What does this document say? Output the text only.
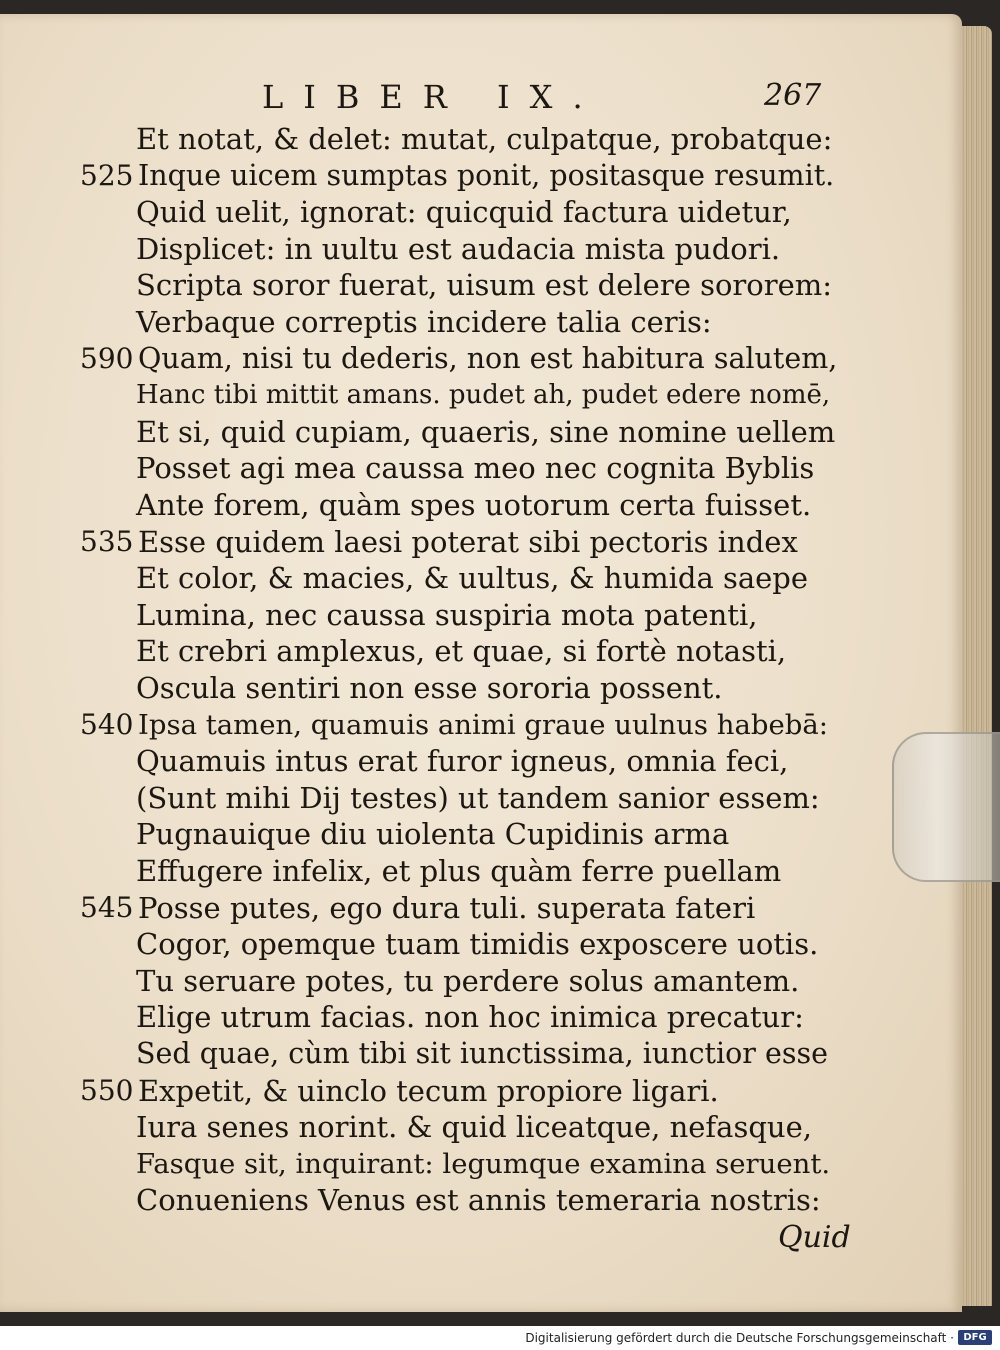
LIBER IX.	267
Et notat, & delet: mutat, culpatque, probatque:
525 Inque uicem sumptas ponit, positasque resumit.
Quid uelit, ignorat: quicquid factura uidetur,
Displicet: in uultu est audacia mista pudori.
Scripta soror fuerat, uisum est delere sororem:
Verbaque correptis incidere talia ceris:
590 Quam, nisi tu dederis, non est habitura salutem,
Hanc tibi mittit amans. pudet ah, pudet edere nomē,
Et si, quid cupiam, quaeris, sine nomine uellem
Posset agi mea caussa meo nec cognita Byblis
Ante forem, quàm spes uotorum certa fuisset.
535 Esse quidem laesi poterat sibi pectoris index
Et color, & macies, & uultus, & humida saepe
Lumina, nec caussa suspiria mota patenti,
Et crebri amplexus, et quae, si fortè notasti,
Oscula sentiri non esse sororia possent.
540 Ipsa tamen, quamuis animi graue uulnus habebā:
Quamuis intus erat furor igneus, omnia feci,
(Sunt mihi Dij testes) ut tandem sanior essem:
Pugnauique diu uiolenta Cupidinis arma
Effugere infelix, et plus quàm ferre puellam
545 Posse putes, ego dura tuli. superata fateri
Cogor, opemque tuam timidis exposcere uotis.
Tu seruare potes, tu perdere solus amantem.
Elige utrum facias. non hoc inimica precatur:
Sed quae, cùm tibi sit iunctissima, iunctior esse
550 Expetit, & uinclo tecum propiore ligari.
Iura senes norint. & quid liceatque, nefasque,
Fasque sit, inquirant: legumque examina seruent.
Conueniens Venus est annis temeraria nostris:
Quid
Digitalisierung gefördert durch die Deutsche Forschungsgemeinschaft · DFG
